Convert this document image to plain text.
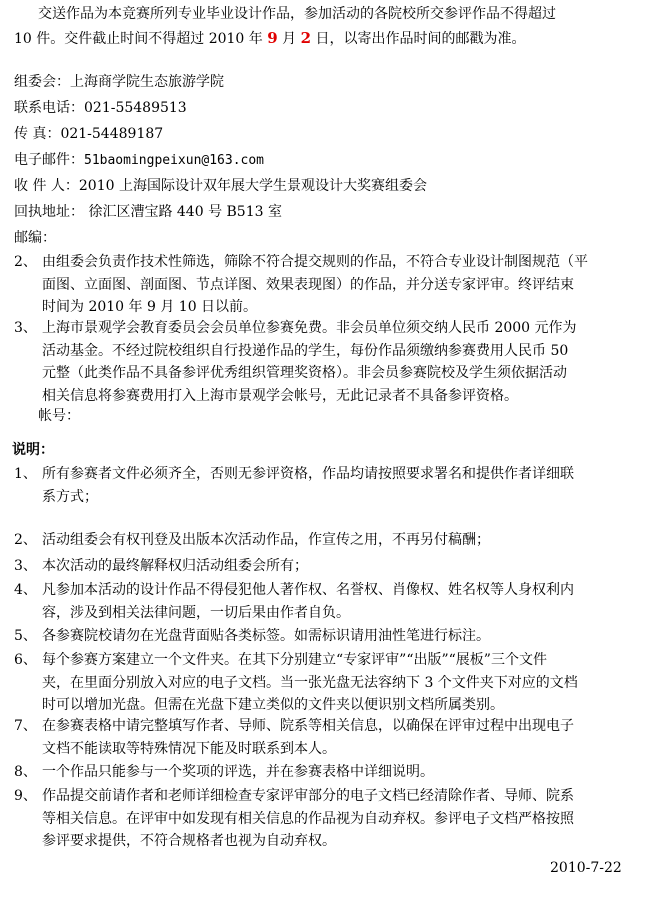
交送作品为本竞赛所列专业毕业设计作品，参加活动的各院校所交参评作品不得超过
10 件。交件截止时间不得超过 2010 年 9 月 2 日，以寄出作品时间的邮戳为准。
组委会：上海商学院生态旅游学院
联系电话：021-55489513
传 真：021-54489187
电子邮件：51baomingpeixun@163.com
收 件 人：2010 上海国际设计双年展大学生景观设计大奖赛组委会
回执地址： 徐汇区漕宝路 440 号 B513 室
邮编：
2、 由组委会负责作技术性筛选，筛除不符合提交规则的作品，不符合专业设计制图规范（平
面图、立面图、剖面图、节点详图、效果表现图）的作品，并分送专家评审。终评结束
时间为 2010 年 9 月 10 日以前。
3、 上海市景观学会教育委员会会员单位参赛免费。非会员单位须交纳人民币 2000 元作为
活动基金。不经过院校组织自行投递作品的学生，每份作品须缴纳参赛费用人民币 50
元整（此类作品不具备参评优秀组织管理奖资格）。非会员参赛院校及学生须依据活动
相关信息将参赛费用打入上海市景观学会帐号，无此记录者不具备参评资格。
帐号：
说明：
1、 所有参赛者文件必须齐全，否则无参评资格，作品均请按照要求署名和提供作者详细联
系方式；
2、 活动组委会有权刊登及出版本次活动作品，作宣传之用，不再另付稿酬；
3、 本次活动的最终解释权归活动组委会所有；
4、 凡参加本活动的设计作品不得侵犯他人著作权、名誉权、肖像权、姓名权等人身权利内
容，涉及到相关法律问题，一切后果由作者自负。
5、 各参赛院校请勿在光盘背面贴各类标签。如需标识请用油性笔进行标注。
6、 每个参赛方案建立一个文件夹。在其下分别建立“专家评审”“出版”“展板”三个文件
夹，在里面分别放入对应的电子文档。当一张光盘无法容纳下 3 个文件夹下对应的文档
时可以增加光盘。但需在光盘下建立类似的文件夹以便识别文档所属类别。
7、 在参赛表格中请完整填写作者、导师、院系等相关信息，以确保在评审过程中出现电子
文档不能读取等特殊情况下能及时联系到本人。
8、 一个作品只能参与一个奖项的评选，并在参赛表格中详细说明。
9、 作品提交前请作者和老师详细检查专家评审部分的电子文档已经清除作者、导师、院系
等相关信息。在评审中如发现有相关信息的作品视为自动弃权。参评电子文档严格按照
参评要求提供，不符合规格者也视为自动弃权。
2010-7-22
